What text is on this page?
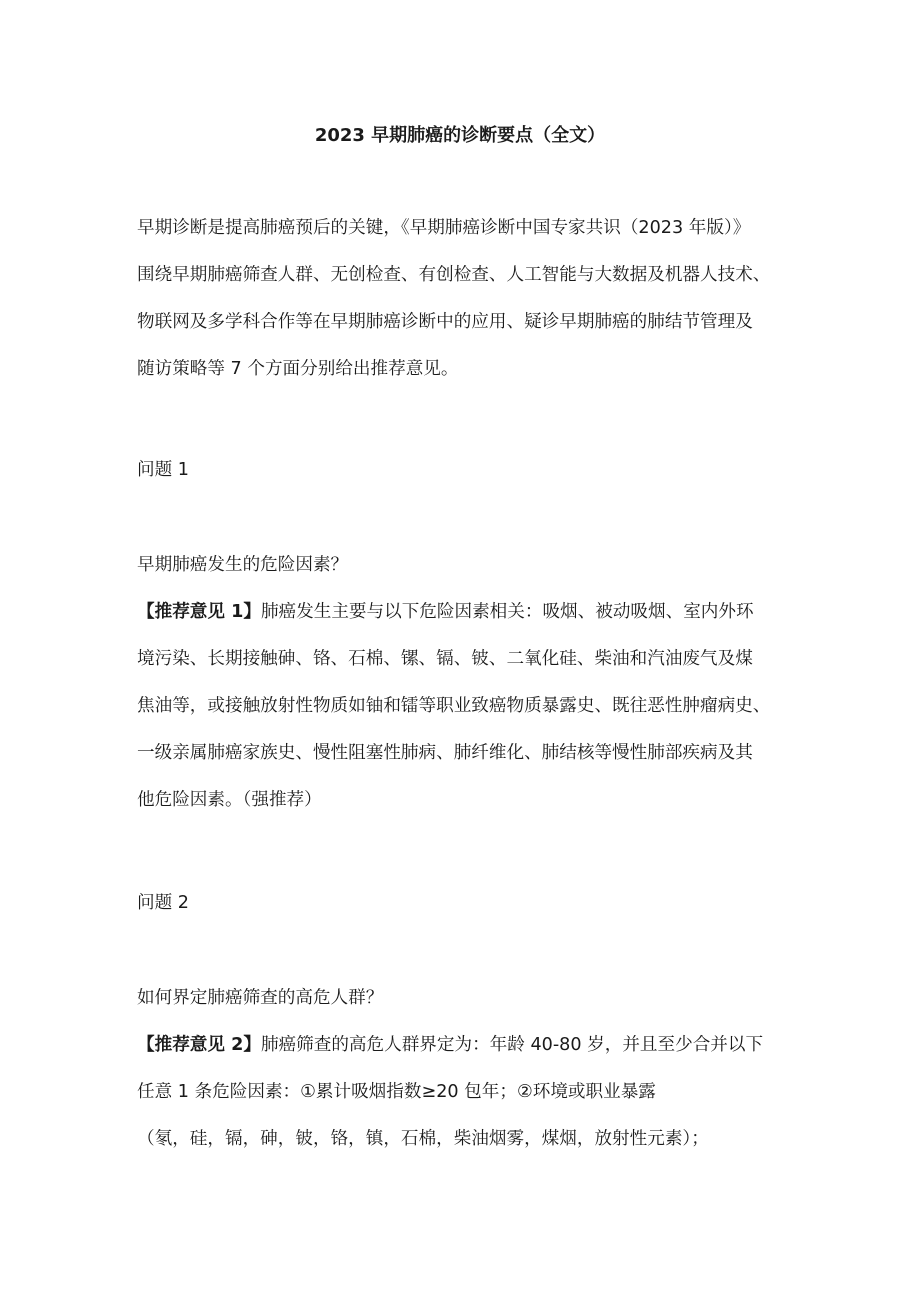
2023 早期肺癌的诊断要点（全文）
早期诊断是提高肺癌预后的关键，《早期肺癌诊断中国专家共识（2023 年版）》
围绕早期肺癌筛查人群、无创检查、有创检查、人工智能与大数据及机器人技术、
物联网及多学科合作等在早期肺癌诊断中的应用、疑诊早期肺癌的肺结节管理及
随访策略等 7 个方面分别给出推荐意见。
问题 1
早期肺癌发生的危险因素？
【推荐意见 1】肺癌发生主要与以下危险因素相关：吸烟、被动吸烟、室内外环
境污染、长期接触砷、铬、石棉、镙、镉、铍、二氧化硅、柴油和汽油废气及煤
焦油等，或接触放射性物质如铀和镭等职业致癌物质暴露史、既往恶性肿瘤病史、
一级亲属肺癌家族史、慢性阻塞性肺病、肺纤维化、肺结核等慢性肺部疾病及其
他危险因素。（强推荐）
问题 2
如何界定肺癌筛查的高危人群？
【推荐意见 2】肺癌筛查的高危人群界定为：年龄 40-80 岁，并且至少合并以下
任意 1 条危险因素：①累计吸烟指数≥20 包年；②环境或职业暴露
（氡，硅，镉，砷，铍，铬，镇，石棉，柴油烟雾，煤烟，放射性元素）；
